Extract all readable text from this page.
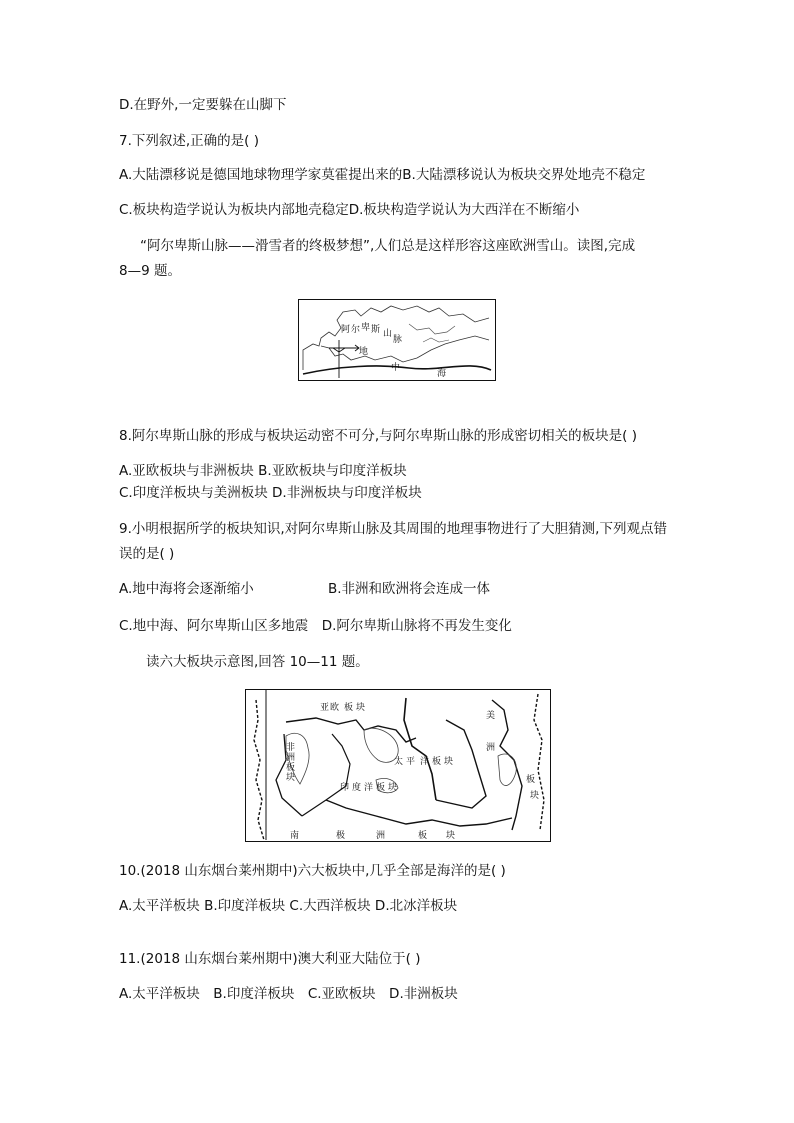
D.在野外,一定要躲在山脚下
7.下列叙述,正确的是( )
A.大陆漂移说是德国地球物理学家莫霍提出来的B.大陆漂移说认为板块交界处地壳不稳定
C.板块构造学说认为板块内部地壳稳定D.板块构造学说认为大西洋在不断缩小
“阿尔卑斯山脉——滑雪者的终极梦想”,人们总是这样形容这座欧洲雪山。读图,完成
8—9 题。
阿 尔 卑 斯 山
脉
地
中
海
8.阿尔卑斯山脉的形成与板块运动密不可分,与阿尔卑斯山脉的形成密切相关的板块是( )
A.亚欧板块与非洲板块 B.亚欧板块与印度洋板块
C.印度洋板块与美洲板块 D.非洲板块与印度洋板块
9.小明根据所学的板块知识,对阿尔卑斯山脉及其周围的地理事物进行了大胆猜测,下列观点错
误的是( )
A.地中海将会逐渐缩小	B.非洲和欧洲将会连成一体
C.地中海、阿尔卑斯山区多地震　D.阿尔卑斯山脉将不再发生变化
读六大板块示意图,回答 10—11 题。
亚 欧 板 块
非
洲
板
块
太 平 洋 板 块
印 度 洋 板 块
南	极	洲	板 块
美
洲
板
块
10.(2018 山东烟台莱州期中)六大板块中,几乎全部是海洋的是( )
A.太平洋板块 B.印度洋板块 C.大西洋板块 D.北冰洋板块
11.(2018 山东烟台莱州期中)澳大利亚大陆位于( )
A.太平洋板块　B.印度洋板块　C.亚欧板块　D.非洲板块
